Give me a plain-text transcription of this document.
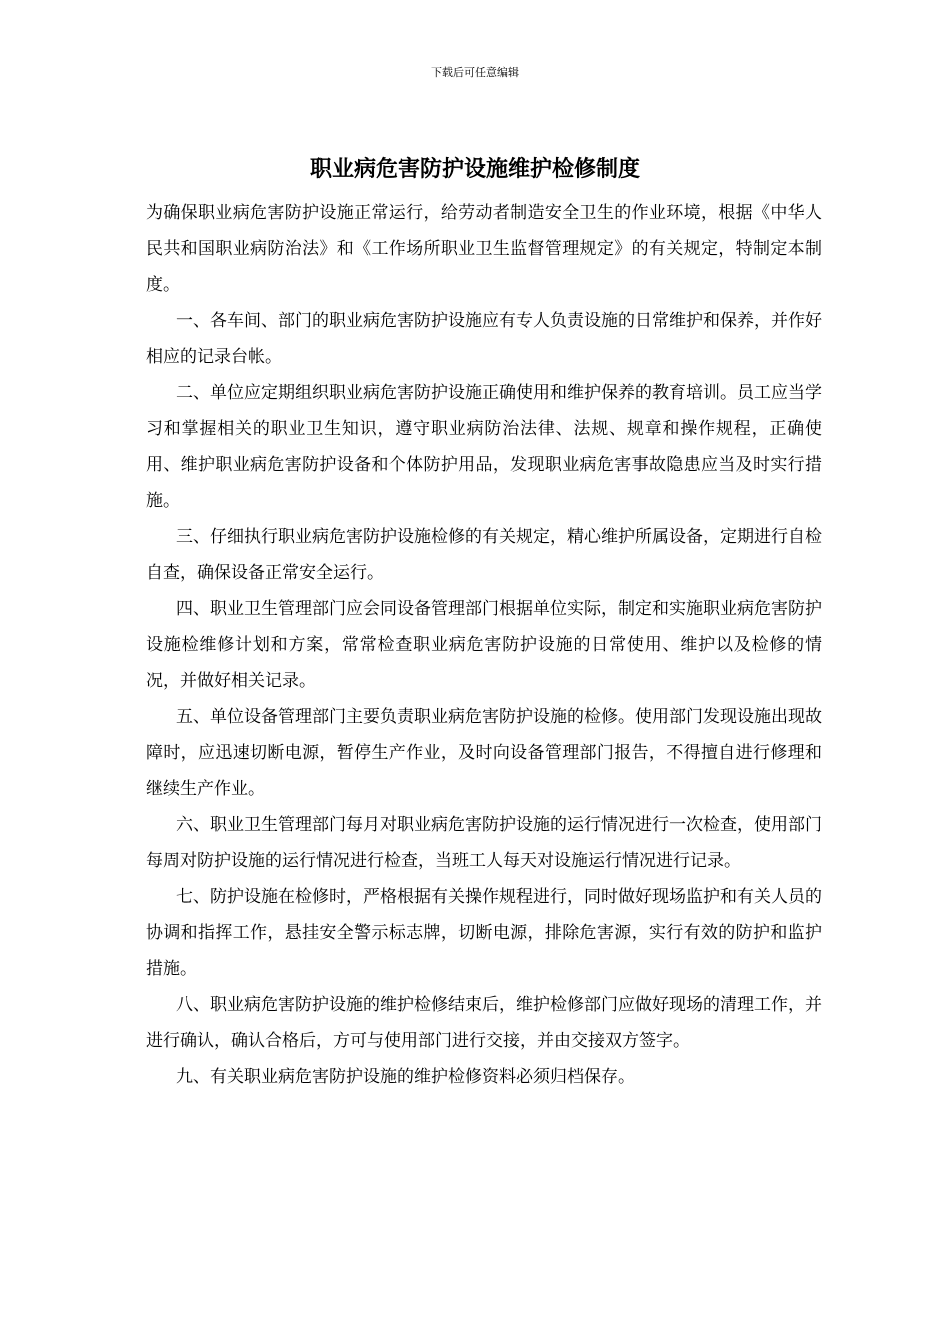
下载后可任意编辑
职业病危害防护设施维护检修制度

为确保职业病危害防护设施正常运行，给劳动者制造安全卫生的作业环境，根据《中华人民共和国职业病防治法》和《工作场所职业卫生监督管理规定》的有关规定，特制定本制度。

一、各车间、部门的职业病危害防护设施应有专人负责设施的日常维护和保养，并作好相应的记录台帐。

二、单位应定期组织职业病危害防护设施正确使用和维护保养的教育培训。员工应当学习和掌握相关的职业卫生知识，遵守职业病防治法律、法规、规章和操作规程，正确使用、维护职业病危害防护设备和个体防护用品，发现职业病危害事故隐患应当及时实行措施。

三、仔细执行职业病危害防护设施检修的有关规定，精心维护所属设备，定期进行自检自查，确保设备正常安全运行。

四、职业卫生管理部门应会同设备管理部门根据单位实际，制定和实施职业病危害防护设施检维修计划和方案，常常检查职业病危害防护设施的日常使用、维护以及检修的情况，并做好相关记录。

五、单位设备管理部门主要负责职业病危害防护设施的检修。使用部门发现设施出现故障时，应迅速切断电源，暂停生产作业，及时向设备管理部门报告，不得擅自进行修理和继续生产作业。

六、职业卫生管理部门每月对职业病危害防护设施的运行情况进行一次检查，使用部门每周对防护设施的运行情况进行检查，当班工人每天对设施运行情况进行记录。

七、防护设施在检修时，严格根据有关操作规程进行，同时做好现场监护和有关人员的协调和指挥工作，悬挂安全警示标志牌，切断电源，排除危害源，实行有效的防护和监护措施。

八、职业病危害防护设施的维护检修结束后，维护检修部门应做好现场的清理工作，并进行确认，确认合格后，方可与使用部门进行交接，并由交接双方签字。

九、有关职业病危害防护设施的维护检修资料必须归档保存。
